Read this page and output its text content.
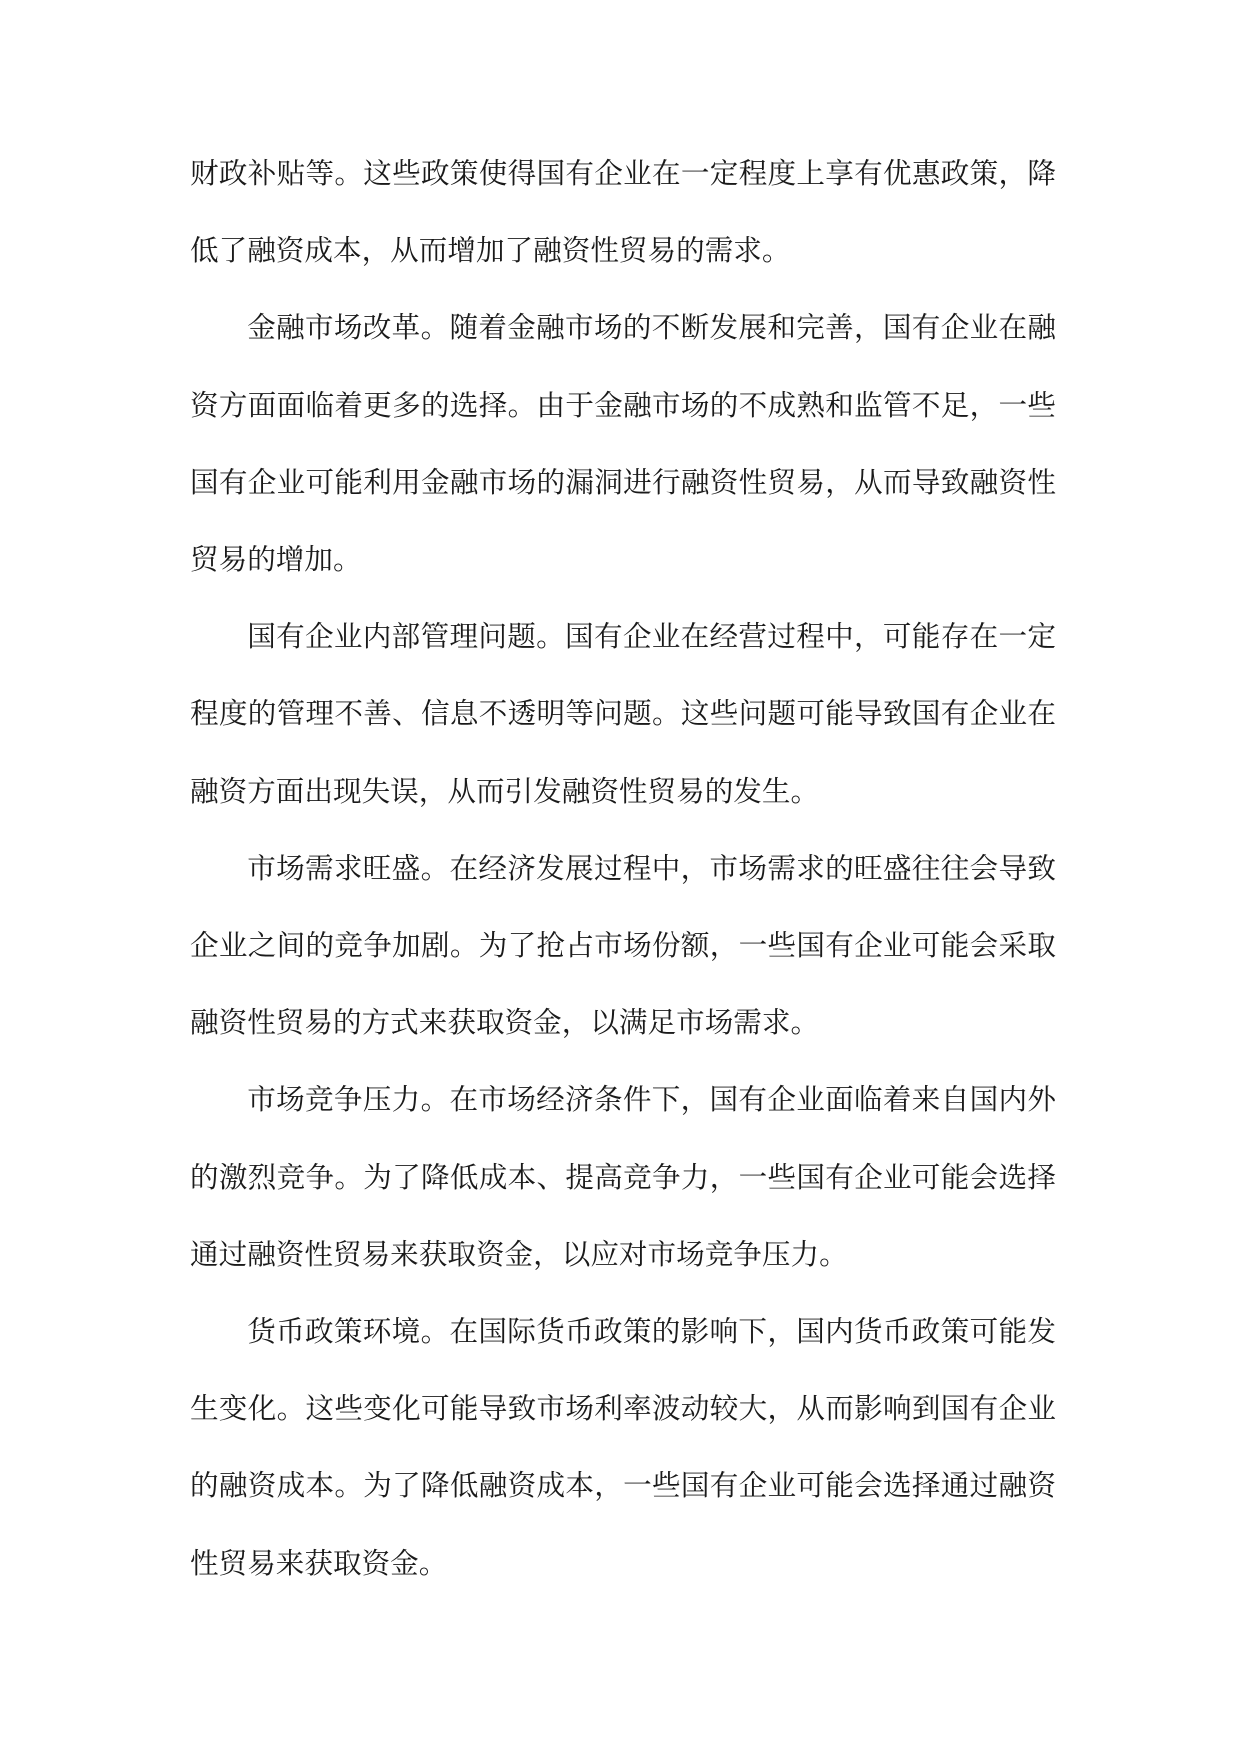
财政补贴等。这些政策使得国有企业在一定程度上享有优惠政策，降低了融资成本，从而增加了融资性贸易的需求。

金融市场改革。随着金融市场的不断发展和完善，国有企业在融资方面面临着更多的选择。由于金融市场的不成熟和监管不足，一些国有企业可能利用金融市场的漏洞进行融资性贸易，从而导致融资性贸易的增加。

国有企业内部管理问题。国有企业在经营过程中，可能存在一定程度的管理不善、信息不透明等问题。这些问题可能导致国有企业在融资方面出现失误，从而引发融资性贸易的发生。

市场需求旺盛。在经济发展过程中，市场需求的旺盛往往会导致企业之间的竞争加剧。为了抢占市场份额，一些国有企业可能会采取融资性贸易的方式来获取资金，以满足市场需求。

市场竞争压力。在市场经济条件下，国有企业面临着来自国内外的激烈竞争。为了降低成本、提高竞争力，一些国有企业可能会选择通过融资性贸易来获取资金，以应对市场竞争压力。

货币政策环境。在国际货币政策的影响下，国内货币政策可能发生变化。这些变化可能导致市场利率波动较大，从而影响到国有企业的融资成本。为了降低融资成本，一些国有企业可能会选择通过融资性贸易来获取资金。
